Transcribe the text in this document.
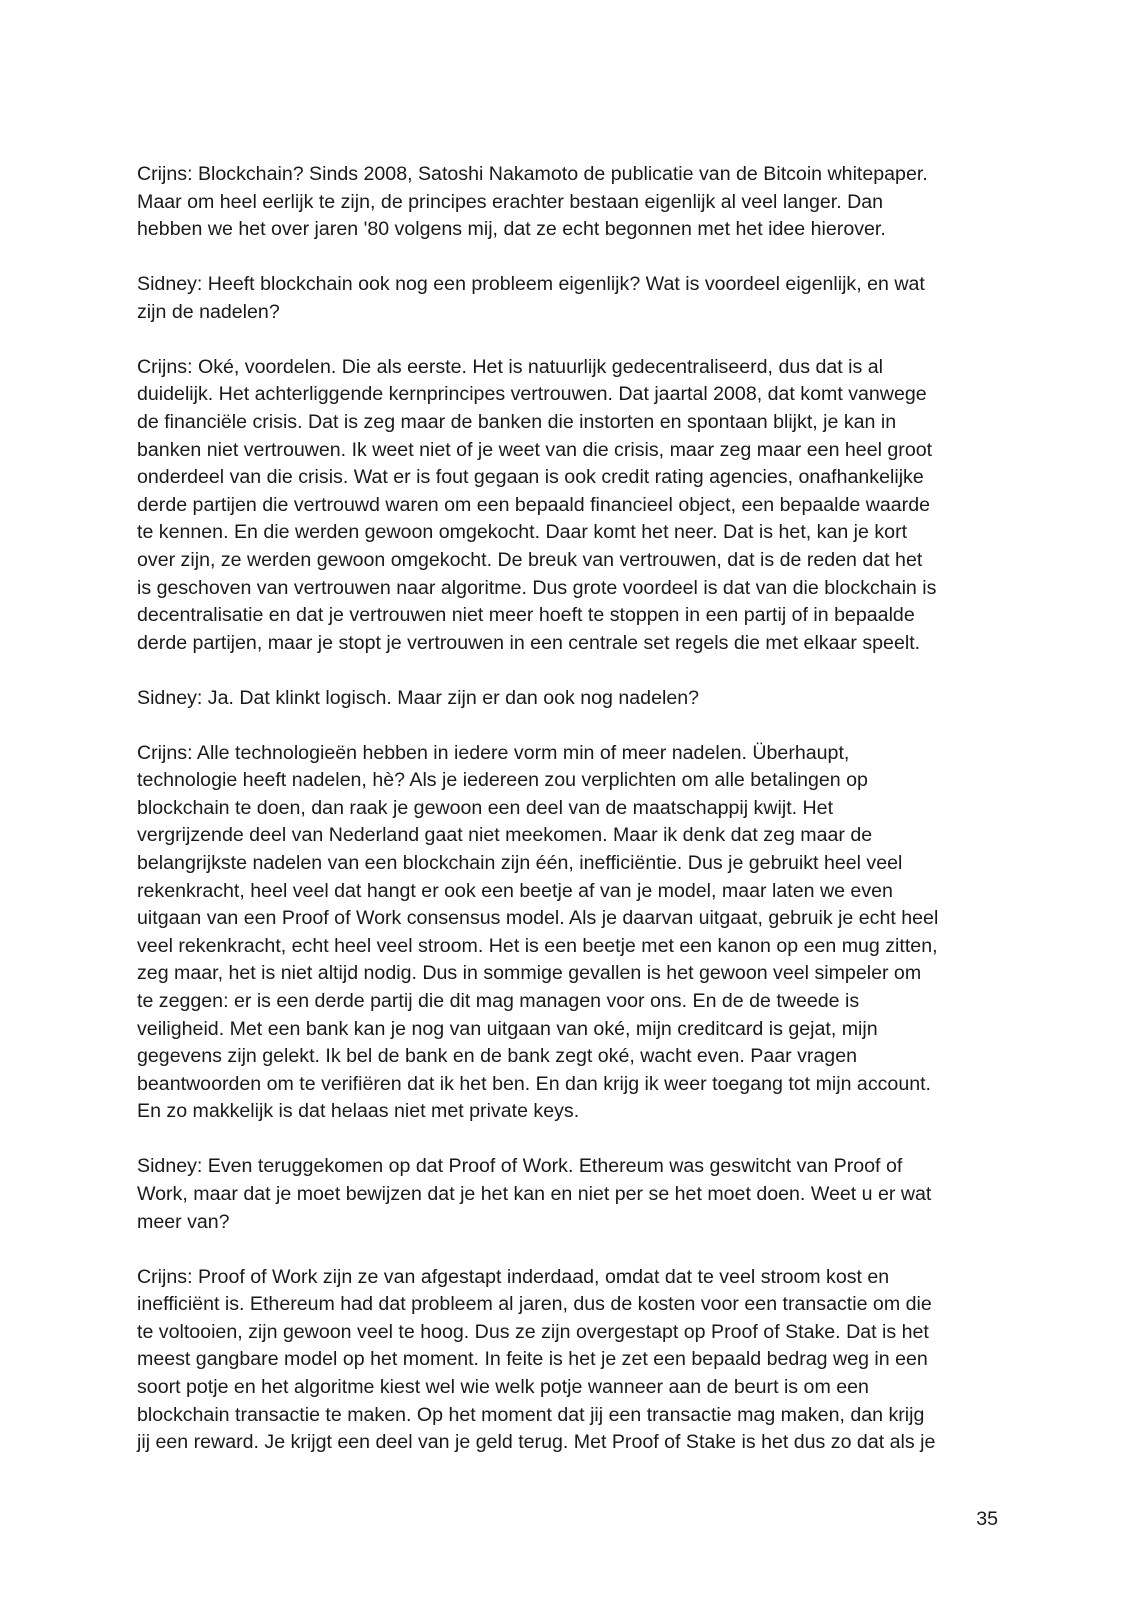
Crijns: Blockchain? Sinds 2008, Satoshi Nakamoto de publicatie van de Bitcoin whitepaper.
Maar om heel eerlijk te zijn, de principes erachter bestaan eigenlijk al veel langer. Dan
hebben we het over jaren '80 volgens mij, dat ze echt begonnen met het idee hierover.

Sidney: Heeft blockchain ook nog een probleem eigenlijk? Wat is voordeel eigenlijk, en wat
zijn de nadelen?

Crijns: Oké, voordelen. Die als eerste. Het is natuurlijk gedecentraliseerd, dus dat is al
duidelijk. Het achterliggende kernprincipes vertrouwen. Dat jaartal 2008, dat komt vanwege
de financiële crisis. Dat is zeg maar de banken die instorten en spontaan blijkt, je kan in
banken niet vertrouwen. Ik weet niet of je weet van die crisis, maar zeg maar een heel groot
onderdeel van die crisis. Wat er is fout gegaan is ook credit rating agencies, onafhankelijke
derde partijen die vertrouwd waren om een bepaald financieel object, een bepaalde waarde
te kennen. En die werden gewoon omgekocht. Daar komt het neer. Dat is het, kan je kort
over zijn, ze werden gewoon omgekocht. De breuk van vertrouwen, dat is de reden dat het
is geschoven van vertrouwen naar algoritme. Dus grote voordeel is dat van die blockchain is
decentralisatie en dat je vertrouwen niet meer hoeft te stoppen in een partij of in bepaalde
derde partijen, maar je stopt je vertrouwen in een centrale set regels die met elkaar speelt.

Sidney: Ja. Dat klinkt logisch. Maar zijn er dan ook nog nadelen?

Crijns: Alle technologieën hebben in iedere vorm min of meer nadelen. Überhaupt,
technologie heeft nadelen, hè? Als je iedereen zou verplichten om alle betalingen op
blockchain te doen, dan raak je gewoon een deel van de maatschappij kwijt. Het
vergrijzende deel van Nederland gaat niet meekomen. Maar ik denk dat zeg maar de
belangrijkste nadelen van een blockchain zijn één, inefficiëntie. Dus je gebruikt heel veel
rekenkracht, heel veel dat hangt er ook een beetje af van je model, maar laten we even
uitgaan van een Proof of Work consensus model. Als je daarvan uitgaat, gebruik je echt heel
veel rekenkracht, echt heel veel stroom. Het is een beetje met een kanon op een mug zitten,
zeg maar, het is niet altijd nodig. Dus in sommige gevallen is het gewoon veel simpeler om
te zeggen: er is een derde partij die dit mag managen voor ons. En de de tweede is
veiligheid. Met een bank kan je nog van uitgaan van oké, mijn creditcard is gejat, mijn
gegevens zijn gelekt. Ik bel de bank en de bank zegt oké, wacht even. Paar vragen
beantwoorden om te verifiëren dat ik het ben. En dan krijg ik weer toegang tot mijn account.
En zo makkelijk is dat helaas niet met private keys.

Sidney: Even teruggekomen op dat Proof of Work. Ethereum was geswitcht van Proof of
Work, maar dat je moet bewijzen dat je het kan en niet per se het moet doen. Weet u er wat
meer van?

Crijns: Proof of Work zijn ze van afgestapt inderdaad, omdat dat te veel stroom kost en
inefficiënt is. Ethereum had dat probleem al jaren, dus de kosten voor een transactie om die
te voltooien, zijn gewoon veel te hoog. Dus ze zijn overgestapt op Proof of Stake. Dat is het
meest gangbare model op het moment. In feite is het je zet een bepaald bedrag weg in een
soort potje en het algoritme kiest wel wie welk potje wanneer aan de beurt is om een
blockchain transactie te maken. Op het moment dat jij een transactie mag maken, dan krijg
jij een reward. Je krijgt een deel van je geld terug. Met Proof of Stake is het dus zo dat als je

35
